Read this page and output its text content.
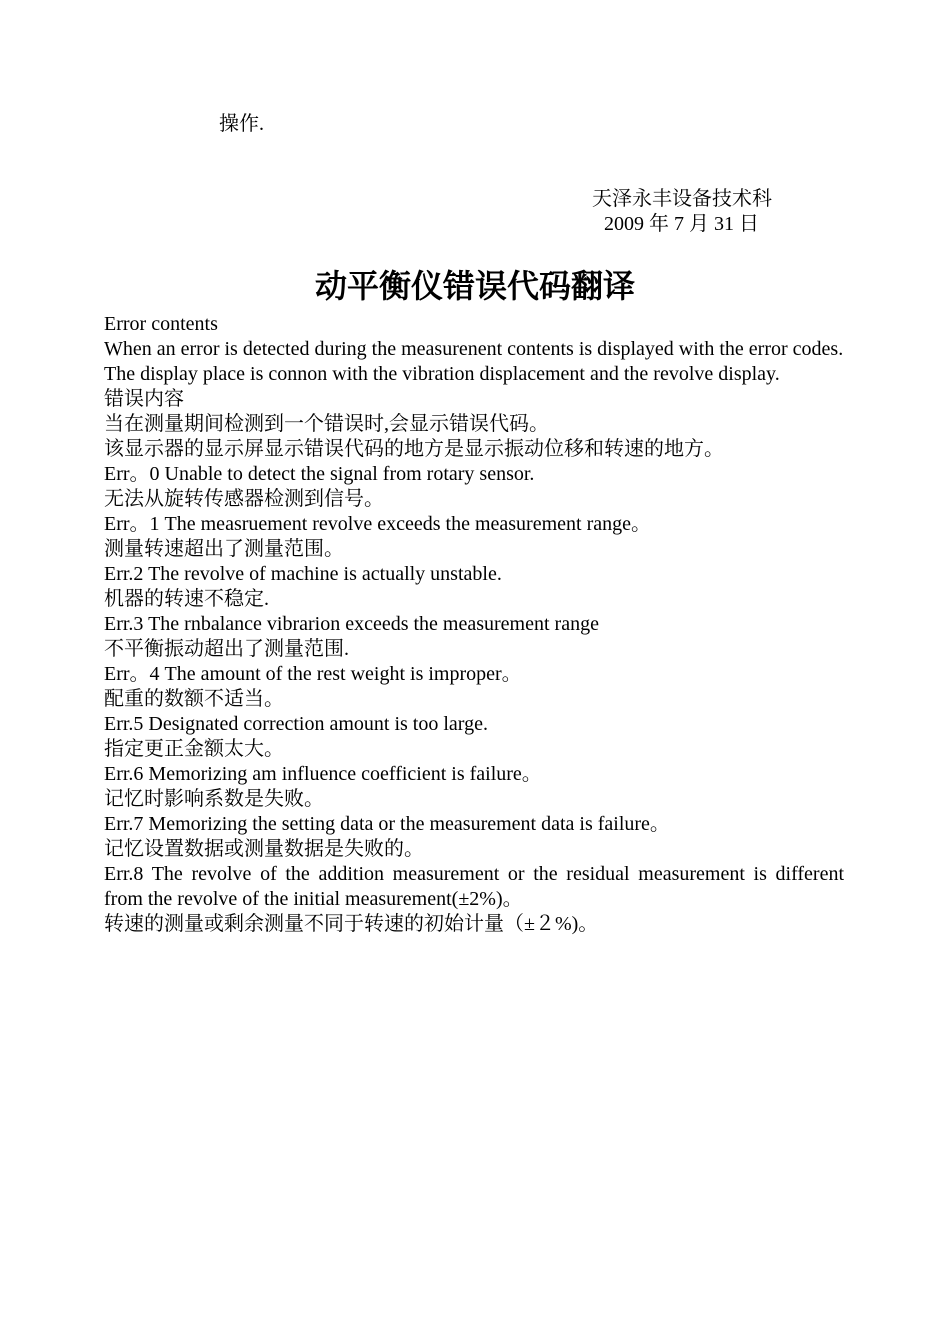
操作.
天泽永丰设备技术科
2009 年 7 月 31 日
动平衡仪错误代码翻译

Error contents

When an error is detected during the measurenent contents is displayed with the error codes.

The display place is connon with the vibration displacement and the revolve display.

错误内容

当在测量期间检测到一个错误时,会显示错误代码。

该显示器的显示屏显示错误代码的地方是显示振动位移和转速的地方。

Err。0 Unable to detect the signal from rotary sensor.

无法从旋转传感器检测到信号。

Err。1 The measruement revolve exceeds the measurement range。

测量转速超出了测量范围。

Err.2 The revolve of machine is actually unstable.

机器的转速不稳定.

Err.3 The rnbalance vibrarion exceeds the measurement range

不平衡振动超出了测量范围.

Err。4 The amount of the rest weight is improper。

配重的数额不适当。

Err.5 Designated correction amount is too large.

指定更正金额太大。

Err.6 Memorizing am influence coefficient is failure。

记忆时影响系数是失败。

Err.7 Memorizing the setting data or the measurement data is failure。

记忆设置数据或测量数据是失败的。

Err.8 The revolve of the addition measurement or the residual measurement is different from the revolve of the initial measurement(±2%)。

转速的测量或剩余测量不同于转速的初始计量（±２%)。
